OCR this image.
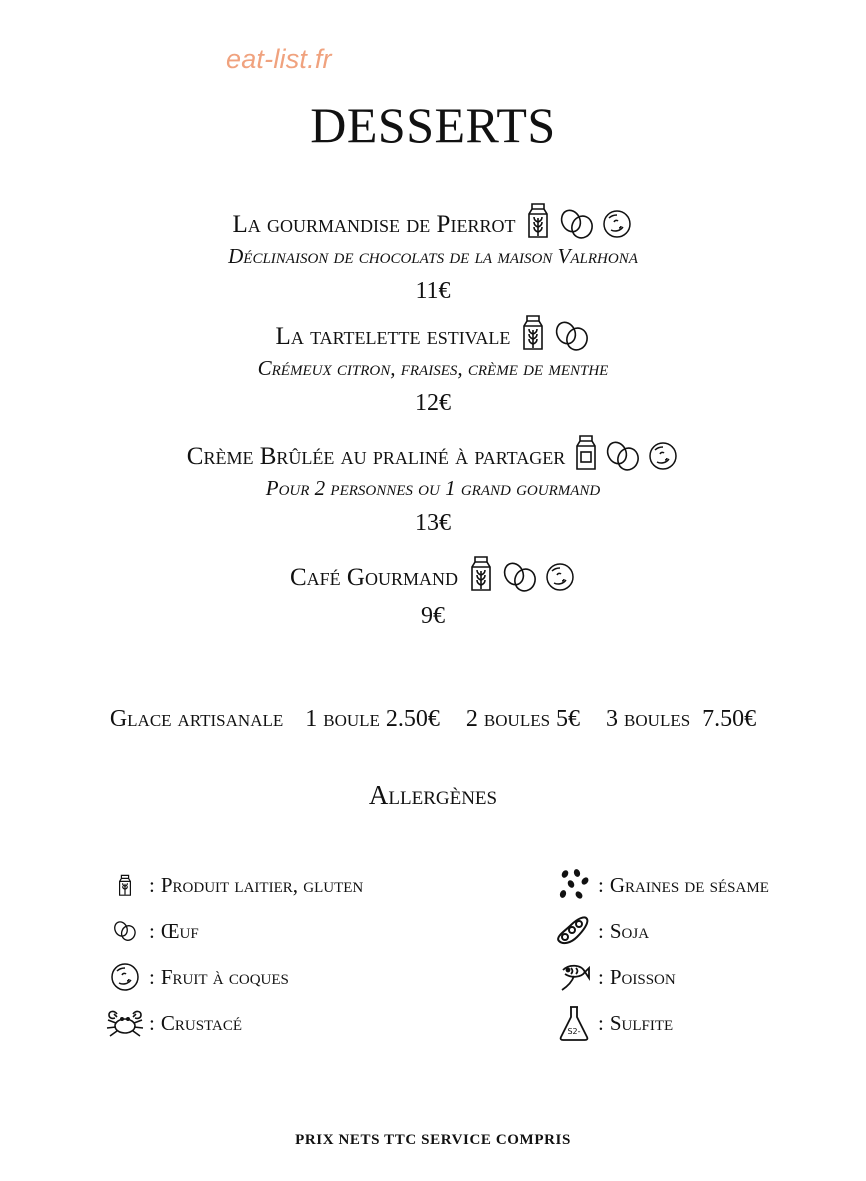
eat-list.fr
DESSERTS
La gourmandise de Pierrot
Déclinaison de chocolats de la maison Valrhona
11€
La tartelette estivale
Crémeux citron, fraises, crème de menthe
12€
Crème Brûlée au praliné à partager
Pour 2 personnes ou 1 grand gourmand
13€
Café Gourmand
9€
Glace artisanale 1 boule 2.50€ 2 boules 5€ 3 boules  7.50€
Allergènes
: Produit laitier, gluten
: Œuf
: Fruit à coques
: Crustacé
: Graines de sésame
: Soja
: Poisson
S2- : Sulfite
PRIX NETS TTC SERVICE COMPRIS
